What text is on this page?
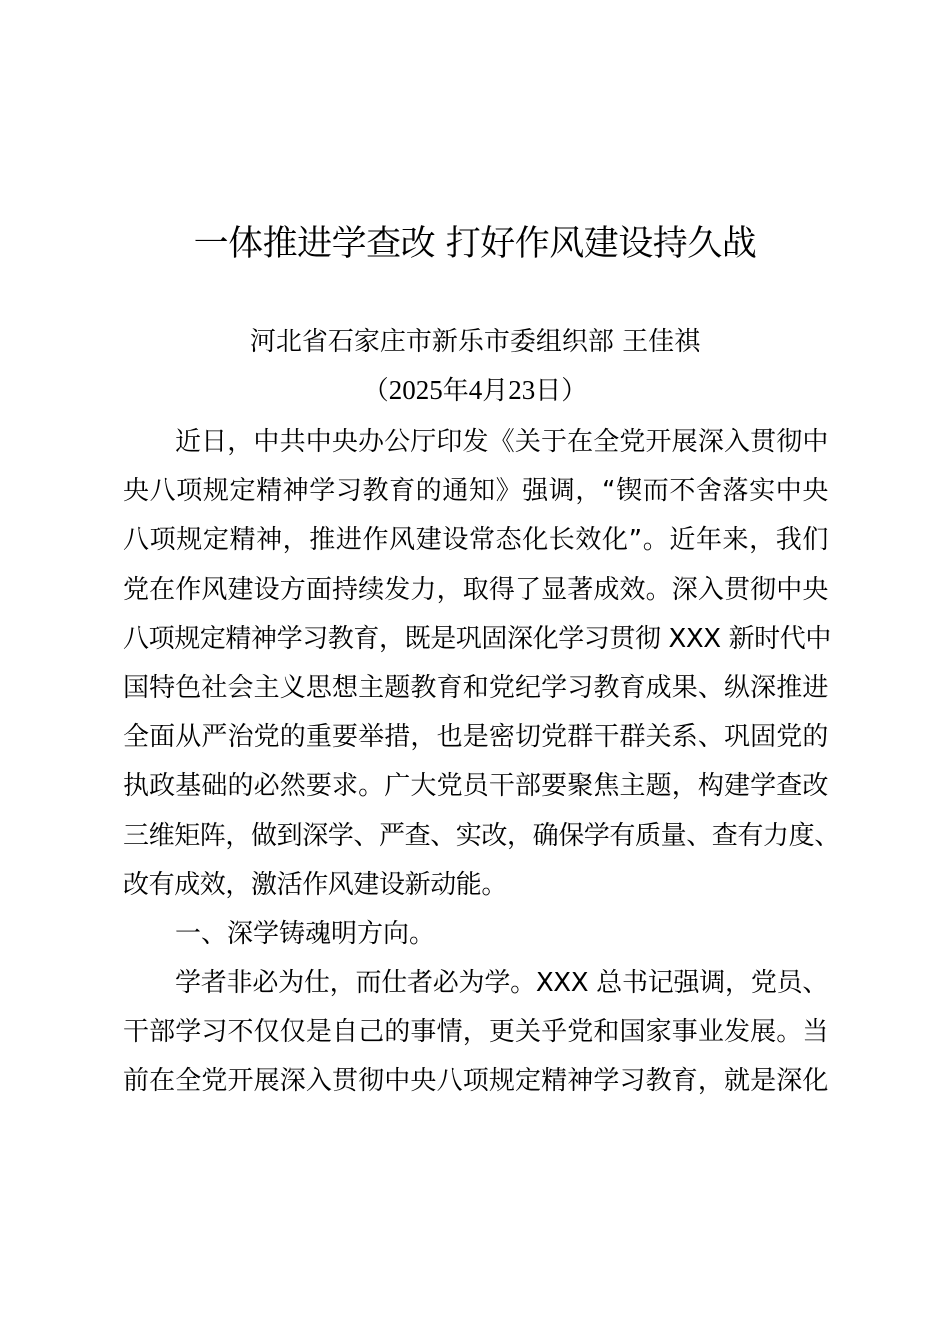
一体推进学查改 打好作风建设持久战
河北省石家庄市新乐市委组织部 王佳祺
（2025年4月23日）
近日，中共中央办公厅印发《关于在全党开展深入贯彻中
央八项规定精神学习教育的通知》强调，“锲而不舍落实中央
八项规定精神，推进作风建设常态化长效化”。近年来，我们
党在作风建设方面持续发力，取得了显著成效。深入贯彻中央
八项规定精神学习教育，既是巩固深化学习贯彻 XXX 新时代中
国特色社会主义思想主题教育和党纪学习教育成果、纵深推进
全面从严治党的重要举措，也是密切党群干群关系、巩固党的
执政基础的必然要求。广大党员干部要聚焦主题，构建学查改
三维矩阵，做到深学、严查、实改，确保学有质量、查有力度、
改有成效，激活作风建设新动能。
一、深学铸魂明方向。
学者非必为仕，而仕者必为学。XXX 总书记强调，党员、
干部学习不仅仅是自己的事情，更关乎党和国家事业发展。当
前在全党开展深入贯彻中央八项规定精神学习教育，就是深化
